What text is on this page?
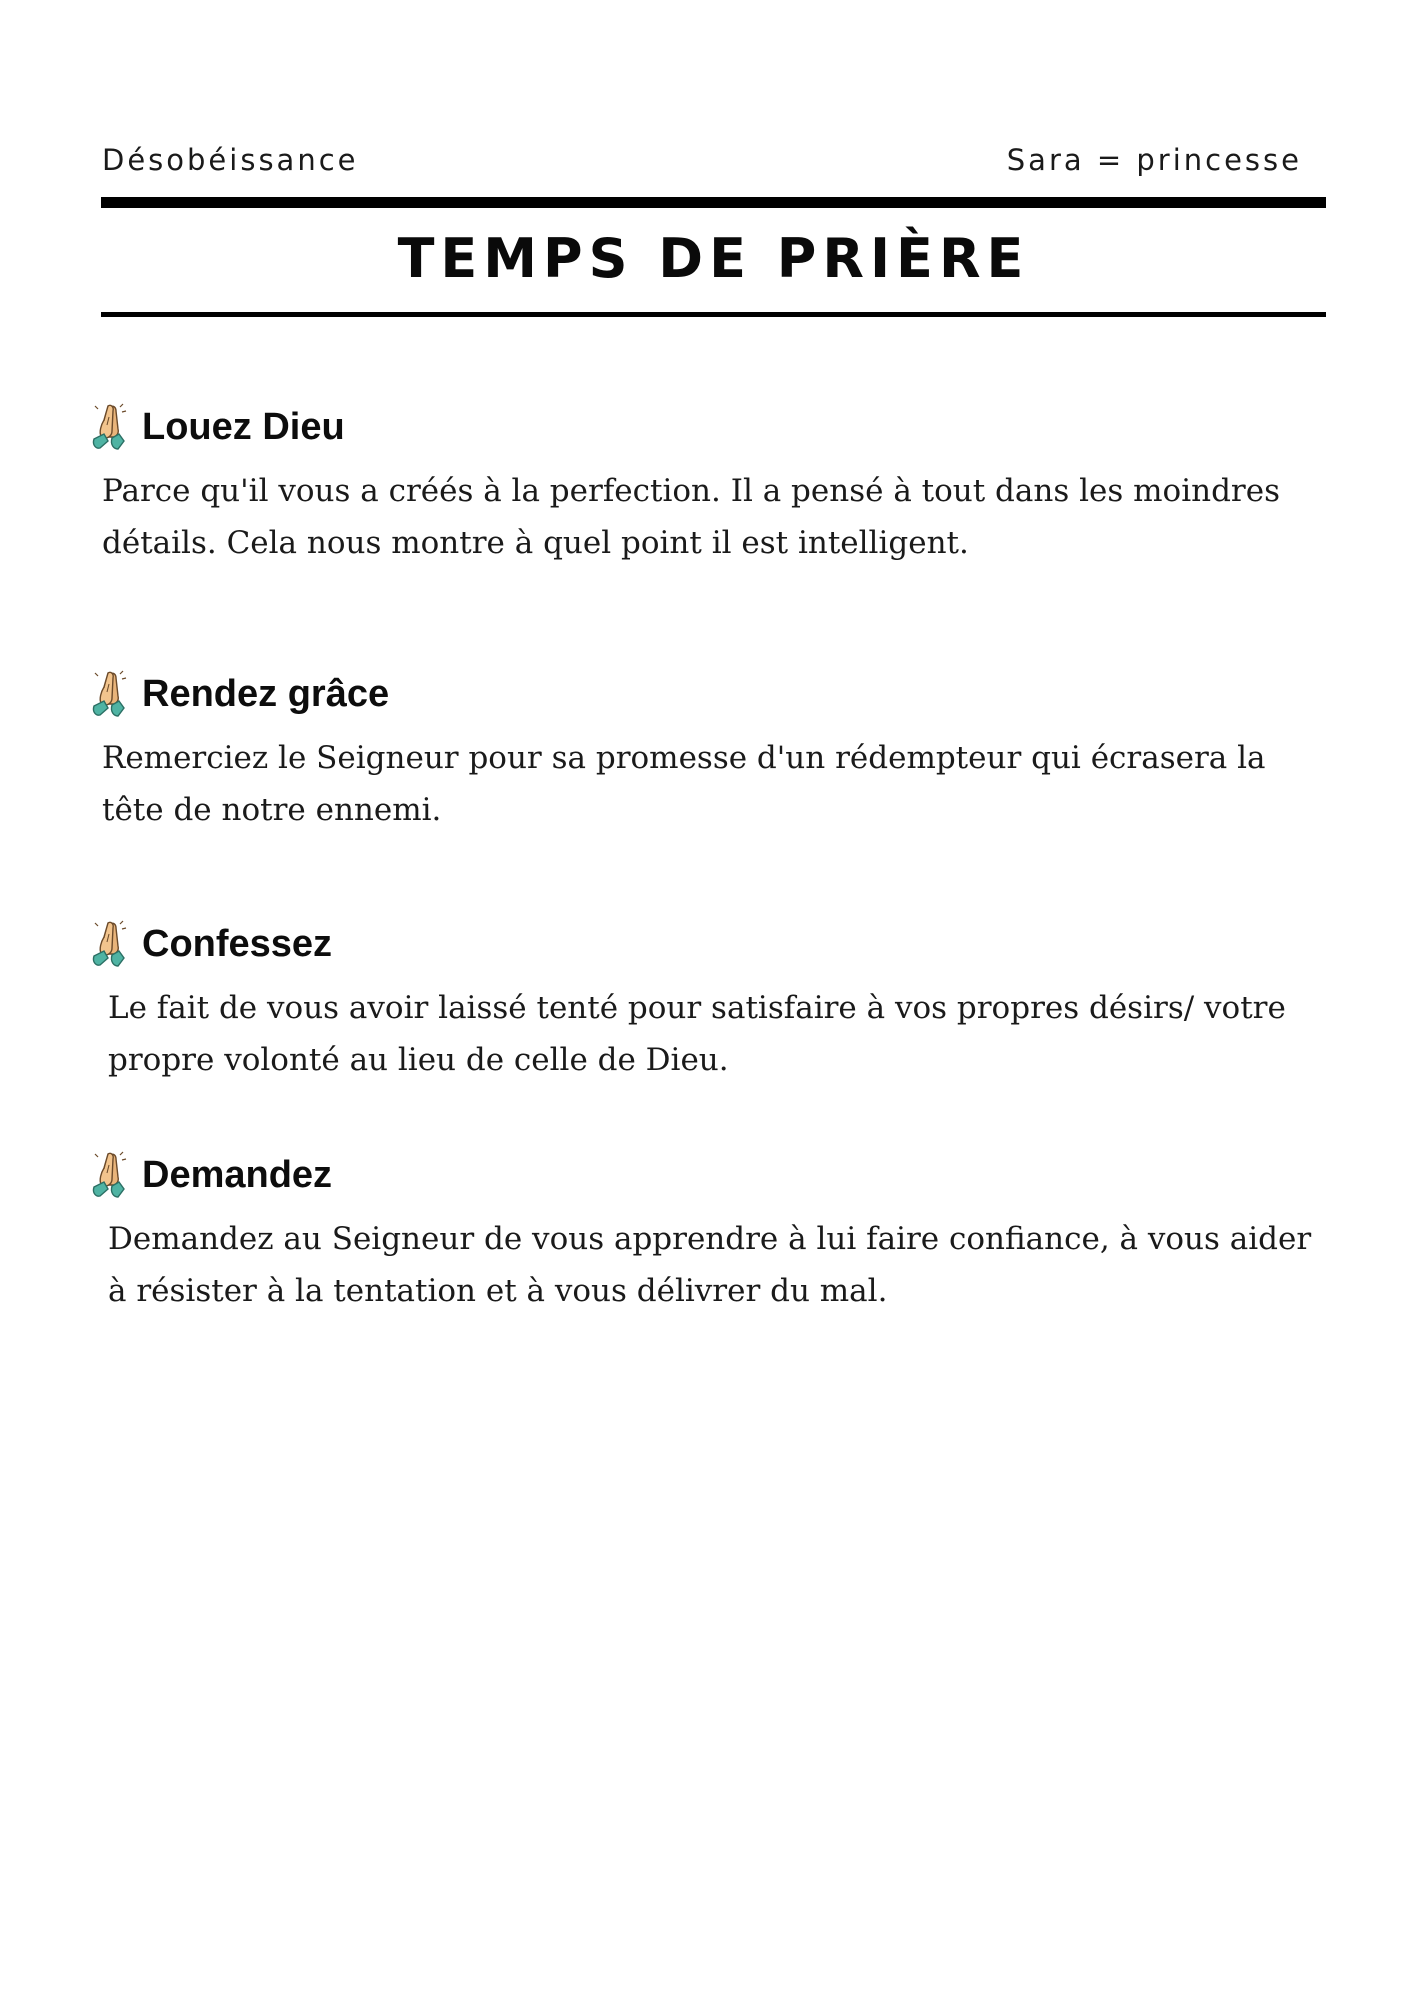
Désobéissance	Sara = princesse
TEMPS DE PRIÈRE
Louez Dieu
Parce qu'il vous a créés à la perfection. Il a pensé à tout dans les moindres détails. Cela nous montre à quel point il est intelligent.
Rendez grâce
Remerciez le Seigneur pour sa promesse d'un rédempteur qui écrasera la tête de notre ennemi.
Confessez
Le fait de vous avoir laissé tenté pour satisfaire à vos propres désirs/ votre propre volonté au lieu de celle de Dieu.
Demandez
Demandez au Seigneur de vous apprendre à lui faire confiance, à vous aider à résister à la tentation et à vous délivrer du mal.
